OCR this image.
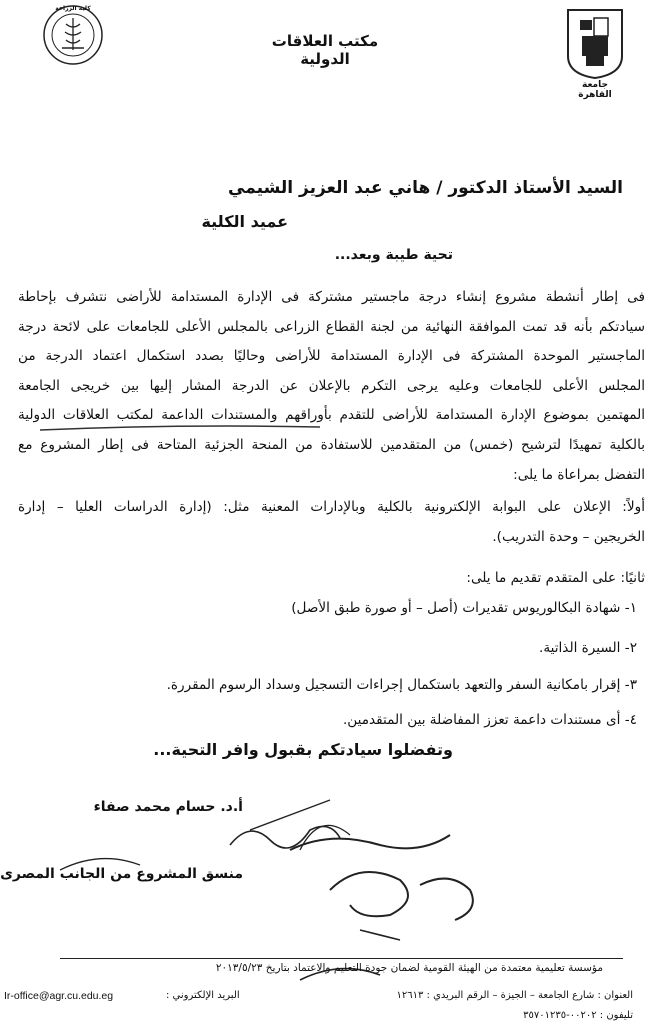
كلية الزراعة
مكتب العلاقات الدولية
جامعة القاهرة
السيد الأستاذ الدكتور / هاني عبد العزيز الشيمي
عميد الكلية
تحية طيبة وبعد...
فى إطار أنشطة مشروع إنشاء درجة ماجستير مشتركة فى الإدارة المستدامة للأراضى نتشرف بإحاطة
سيادتكم بأنه قد تمت الموافقة النهائية من لجنة القطاع الزراعى بالمجلس الأعلى للجامعات على لائحة درجة
الماجستير الموحدة المشتركة فى الإدارة المستدامة للأراضى وحاليًا بصدد استكمال اعتماد الدرجة من
المجلس الأعلى للجامعات وعليه يرجى التكرم بالإعلان عن الدرجة المشار إليها بين خريجى الجامعة
المهتمين بموضوع الإدارة المستدامة للأراضى للتقدم بأوراقهم والمستندات الداعمة لمكتب العلاقات الدولية
بالكلية تمهيدًا لترشيح (خمس) من المتقدمين للاستفادة من المنحة الجزئية المتاحة فى إطار المشروع مع
التفضل بمراعاة ما يلى:
أولاً: الإعلان على البوابة الإلكترونية بالكلية وبالإدارات المعنية مثل: (إدارة الدراسات العليا – إدارة
الخريجين – وحدة التدريب).
ثانيًا: على المتقدم تقديم ما يلى:
١- شهادة البكالوريوس تقديرات (أصل – أو صورة طبق الأصل)
٢- السيرة الذاتية.
٣- إقرار بامكانية السفر والتعهد باستكمال إجراءات التسجيل وسداد الرسوم المقررة.
٤- أى مستندات داعمة تعزز المفاضلة بين المتقدمين.
وتفضلوا سيادتكم بقبول وافر التحية...
أ.د. حسام محمد صفاء
منسق المشروع من الجانب المصرى
مؤسسة تعليمية معتمدة من الهيئة القومية لضمان جودة التعليم والاعتماد بتاريخ ٢٠١٣/٥/٢٣
العنوان : شارع الجامعة – الجيزة – الرقم البريدي : ١٢٦١٣
البريد الإلكتروني :
Ir-office@agr.cu.edu.eg
تليفون : ٠٠٢٠٢-٣٥٧٠١٢٣٥
